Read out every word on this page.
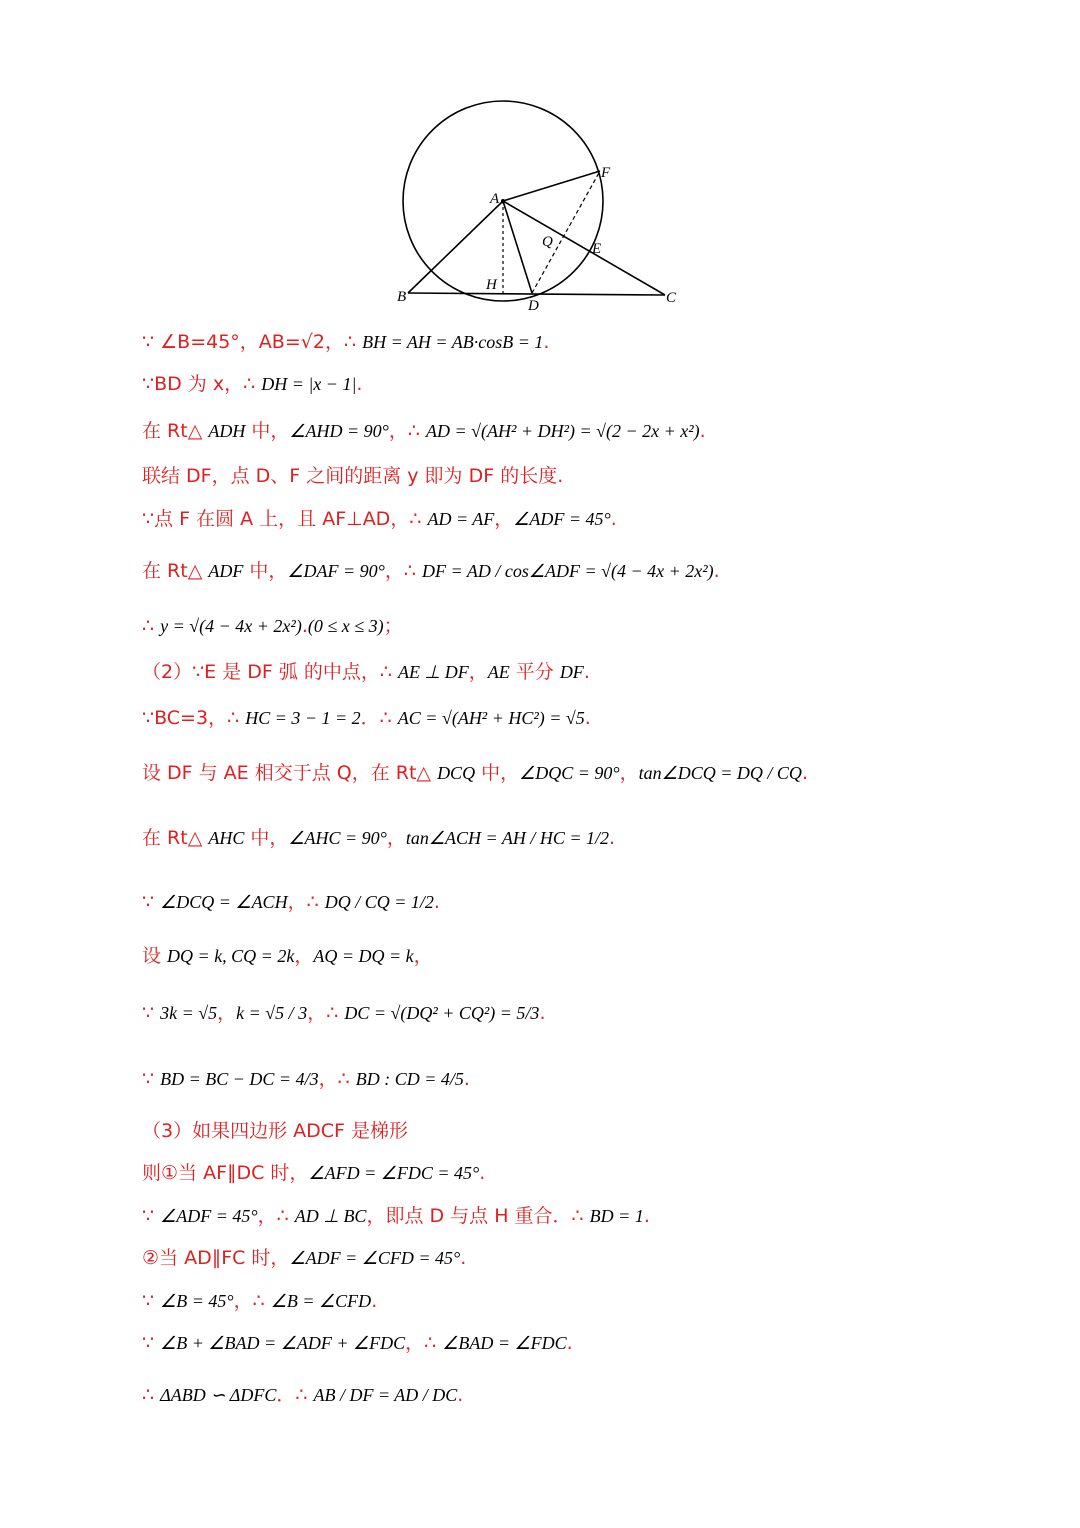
A
B	C
D
E
F
H
Q
∵ ∠B=45°，AB=√2，∴ BH = AH = AB·cosB = 1.
∵BD 为 x，∴ DH = |x − 1|.
在 Rt△ ADH 中，∠AHD = 90°，∴ AD = √(AH² + DH²) = √(2 − 2x + x²).
联结 DF，点 D、F 之间的距离 y 即为 DF 的长度.
∵点 F 在圆 A 上，且 AF⊥AD，∴ AD = AF，∠ADF = 45°.
在 Rt△ ADF 中，∠DAF = 90°，∴ DF = AD / cos∠ADF = √(4 − 4x + 2x²).
∴ y = √(4 − 4x + 2x²).(0 ≤ x ≤ 3)；
（2）∵E 是 DF 弧 的中点，∴ AE ⊥ DF，AE 平分 DF.
∵BC=3，∴ HC = 3 − 1 = 2．∴ AC = √(AH² + HC²) = √5.
设 DF 与 AE 相交于点 Q，在 Rt△ DCQ 中，∠DQC = 90°，tan∠DCQ = DQ / CQ.
在 Rt△ AHC 中，∠AHC = 90°，tan∠ACH = AH / HC = 1/2.
∵ ∠DCQ = ∠ACH，∴ DQ / CQ = 1/2.
设 DQ = k, CQ = 2k，AQ = DQ = k，
∵ 3k = √5，k = √5 / 3，∴ DC = √(DQ² + CQ²) = 5/3.
∵ BD = BC − DC = 4/3，∴ BD : CD = 4/5.
（3）如果四边形 ADCF 是梯形
则①当 AF∥DC 时，∠AFD = ∠FDC = 45°.
∵ ∠ADF = 45°，∴ AD ⊥ BC，即点 D 与点 H 重合．∴ BD = 1.
②当 AD∥FC 时，∠ADF = ∠CFD = 45°.
∵ ∠B = 45°，∴ ∠B = ∠CFD.
∵ ∠B + ∠BAD = ∠ADF + ∠FDC，∴ ∠BAD = ∠FDC.
∴ ΔABD ∽ ΔDFC．∴ AB / DF = AD / DC.
